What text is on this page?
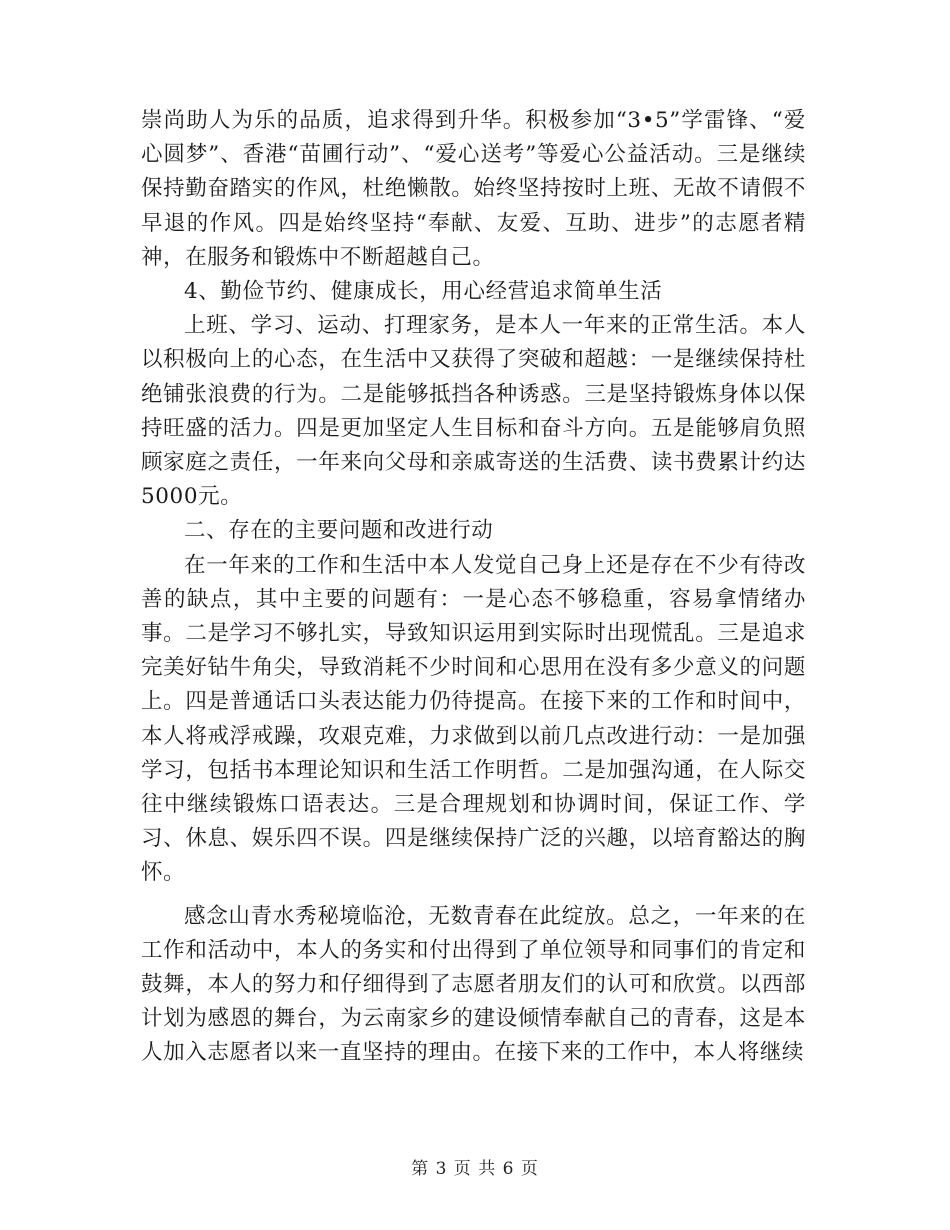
崇尚助人为乐的品质，追求得到升华。积极参加“3•5”学雷锋、“爱心圆梦”、香港“苗圃行动”、“爱心送考”等爱心公益活动。三是继续保持勤奋踏实的作风，杜绝懒散。始终坚持按时上班、无故不请假不早退的作风。四是始终坚持“奉献、友爱、互助、进步”的志愿者精神，在服务和锻炼中不断超越自己。

4、勤俭节约、健康成长，用心经营追求简单生活

上班、学习、运动、打理家务，是本人一年来的正常生活。本人以积极向上的心态，在生活中又获得了突破和超越：一是继续保持杜绝铺张浪费的行为。二是能够抵挡各种诱惑。三是坚持锻炼身体以保持旺盛的活力。四是更加坚定人生目标和奋斗方向。五是能够肩负照顾家庭之责任，一年来向父母和亲戚寄送的生活费、读书费累计约达5000元。

二、存在的主要问题和改进行动

在一年来的工作和生活中本人发觉自己身上还是存在不少有待改善的缺点，其中主要的问题有：一是心态不够稳重，容易拿情绪办事。二是学习不够扎实，导致知识运用到实际时出现慌乱。三是追求完美好钻牛角尖，导致消耗不少时间和心思用在没有多少意义的问题上。四是普通话口头表达能力仍待提高。在接下来的工作和时间中，本人将戒浮戒躁，攻艰克难，力求做到以前几点改进行动：一是加强学习，包括书本理论知识和生活工作明哲。二是加强沟通，在人际交往中继续锻炼口语表达。三是合理规划和协调时间，保证工作、学习、休息、娱乐四不误。四是继续保持广泛的兴趣，以培育豁达的胸怀。

感念山青水秀秘境临沧，无数青春在此绽放。总之，一年来的在工作和活动中，本人的务实和付出得到了单位领导和同事们的肯定和鼓舞，本人的努力和仔细得到了志愿者朋友们的认可和欣赏。以西部计划为感恩的舞台，为云南家乡的建设倾情奉献自己的青春，这是本人加入志愿者以来一直坚持的理由。在接下来的工作中，本人将继续

第 3 页 共 6 页
